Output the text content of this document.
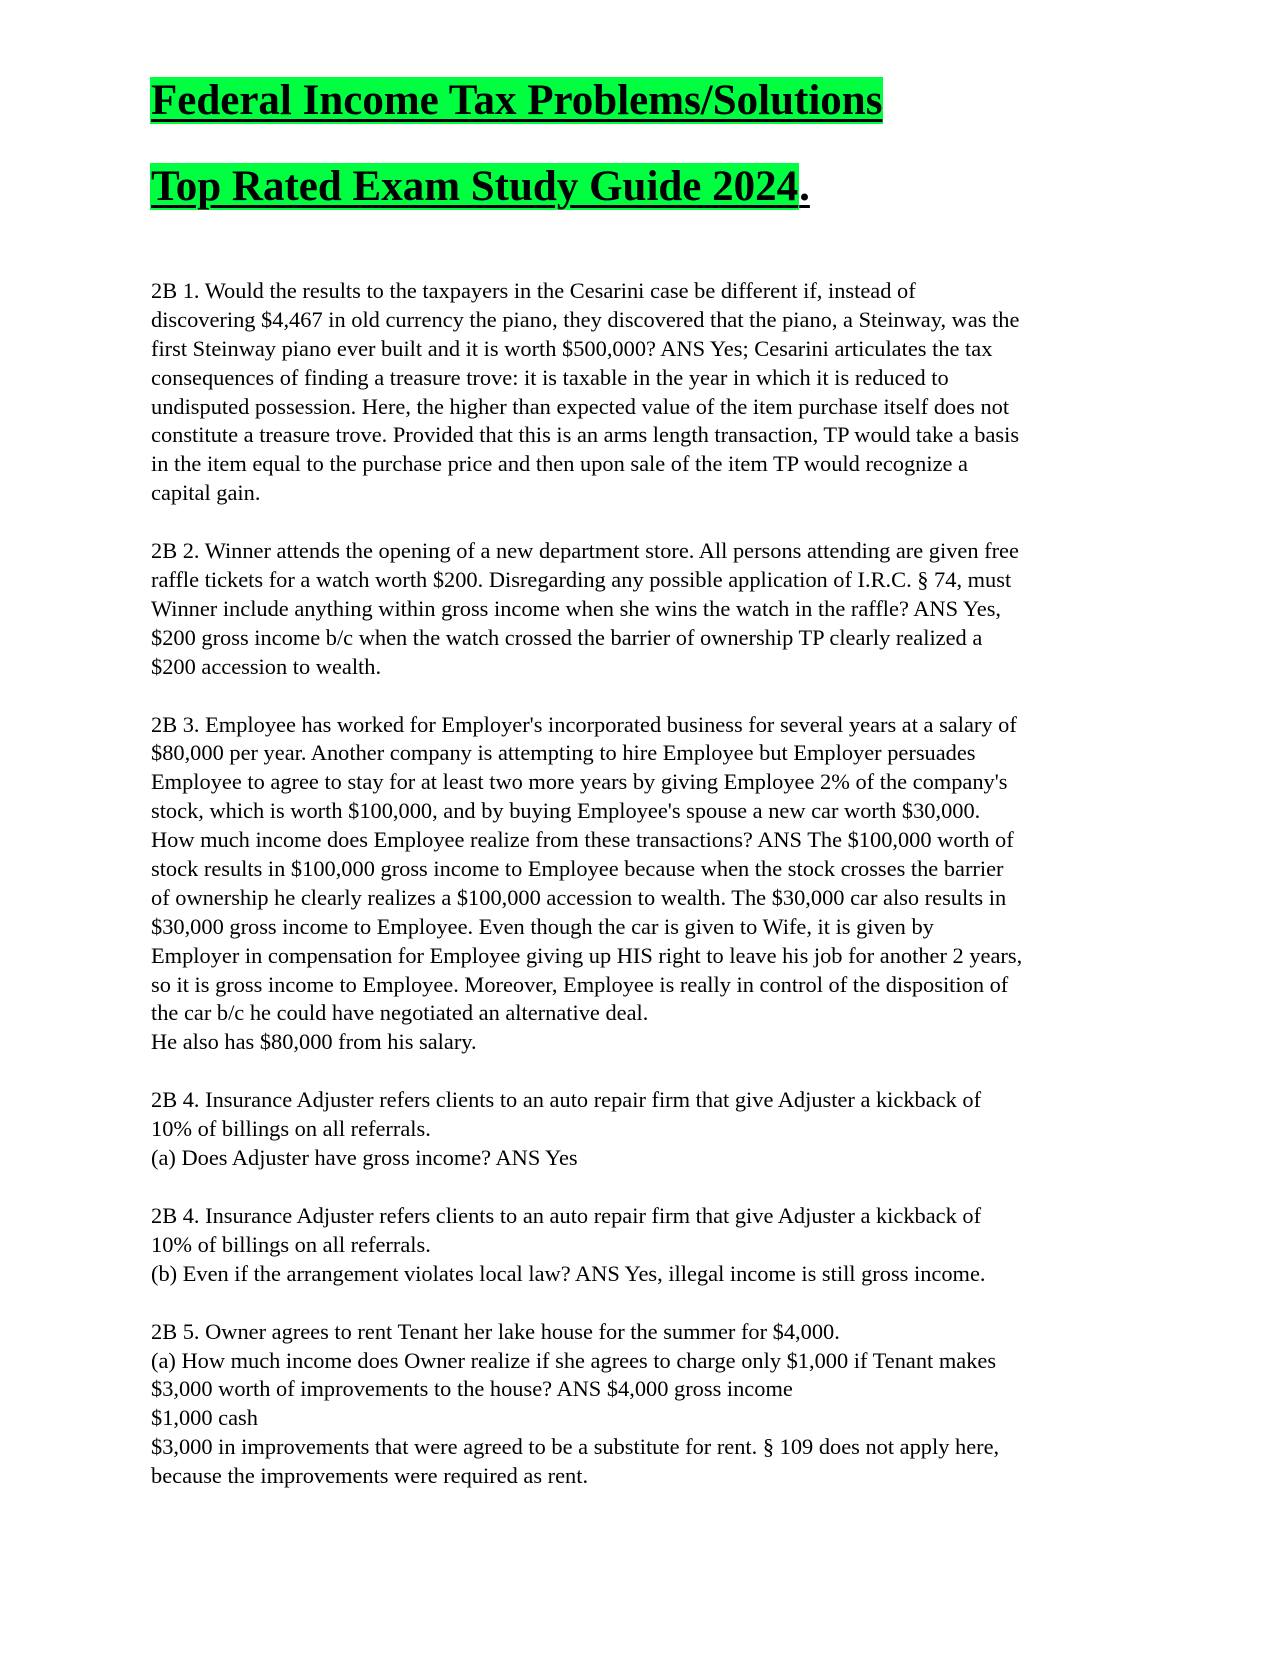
Federal Income Tax Problems/Solutions
Top Rated Exam Study Guide 2024.
2B 1. Would the results to the taxpayers in the Cesarini case be different if, instead of
discovering $4,467 in old currency the piano, they discovered that the piano, a Steinway, was the
first Steinway piano ever built and it is worth $500,000? ANS Yes; Cesarini articulates the tax
consequences of finding a treasure trove: it is taxable in the year in which it is reduced to
undisputed possession. Here, the higher than expected value of the item purchase itself does not
constitute a treasure trove. Provided that this is an arms length transaction, TP would take a basis
in the item equal to the purchase price and then upon sale of the item TP would recognize a
capital gain.
2B 2. Winner attends the opening of a new department store. All persons attending are given free
raffle tickets for a watch worth $200. Disregarding any possible application of I.R.C. § 74, must
Winner include anything within gross income when she wins the watch in the raffle? ANS Yes,
$200 gross income b/c when the watch crossed the barrier of ownership TP clearly realized a
$200 accession to wealth.
2B 3. Employee has worked for Employer's incorporated business for several years at a salary of
$80,000 per year. Another company is attempting to hire Employee but Employer persuades
Employee to agree to stay for at least two more years by giving Employee 2% of the company's
stock, which is worth $100,000, and by buying Employee's spouse a new car worth $30,000.
How much income does Employee realize from these transactions? ANS The $100,000 worth of
stock results in $100,000 gross income to Employee because when the stock crosses the barrier
of ownership he clearly realizes a $100,000 accession to wealth. The $30,000 car also results in
$30,000 gross income to Employee. Even though the car is given to Wife, it is given by
Employer in compensation for Employee giving up HIS right to leave his job for another 2 years,
so it is gross income to Employee. Moreover, Employee is really in control of the disposition of
the car b/c he could have negotiated an alternative deal.
He also has $80,000 from his salary.
2B 4. Insurance Adjuster refers clients to an auto repair firm that give Adjuster a kickback of
10% of billings on all referrals.
(a) Does Adjuster have gross income? ANS Yes
2B 4. Insurance Adjuster refers clients to an auto repair firm that give Adjuster a kickback of
10% of billings on all referrals.
(b) Even if the arrangement violates local law? ANS Yes, illegal income is still gross income.
2B 5. Owner agrees to rent Tenant her lake house for the summer for $4,000.
(a) How much income does Owner realize if she agrees to charge only $1,000 if Tenant makes
$3,000 worth of improvements to the house? ANS $4,000 gross income
$1,000 cash
$3,000 in improvements that were agreed to be a substitute for rent. § 109 does not apply here,
because the improvements were required as rent.
